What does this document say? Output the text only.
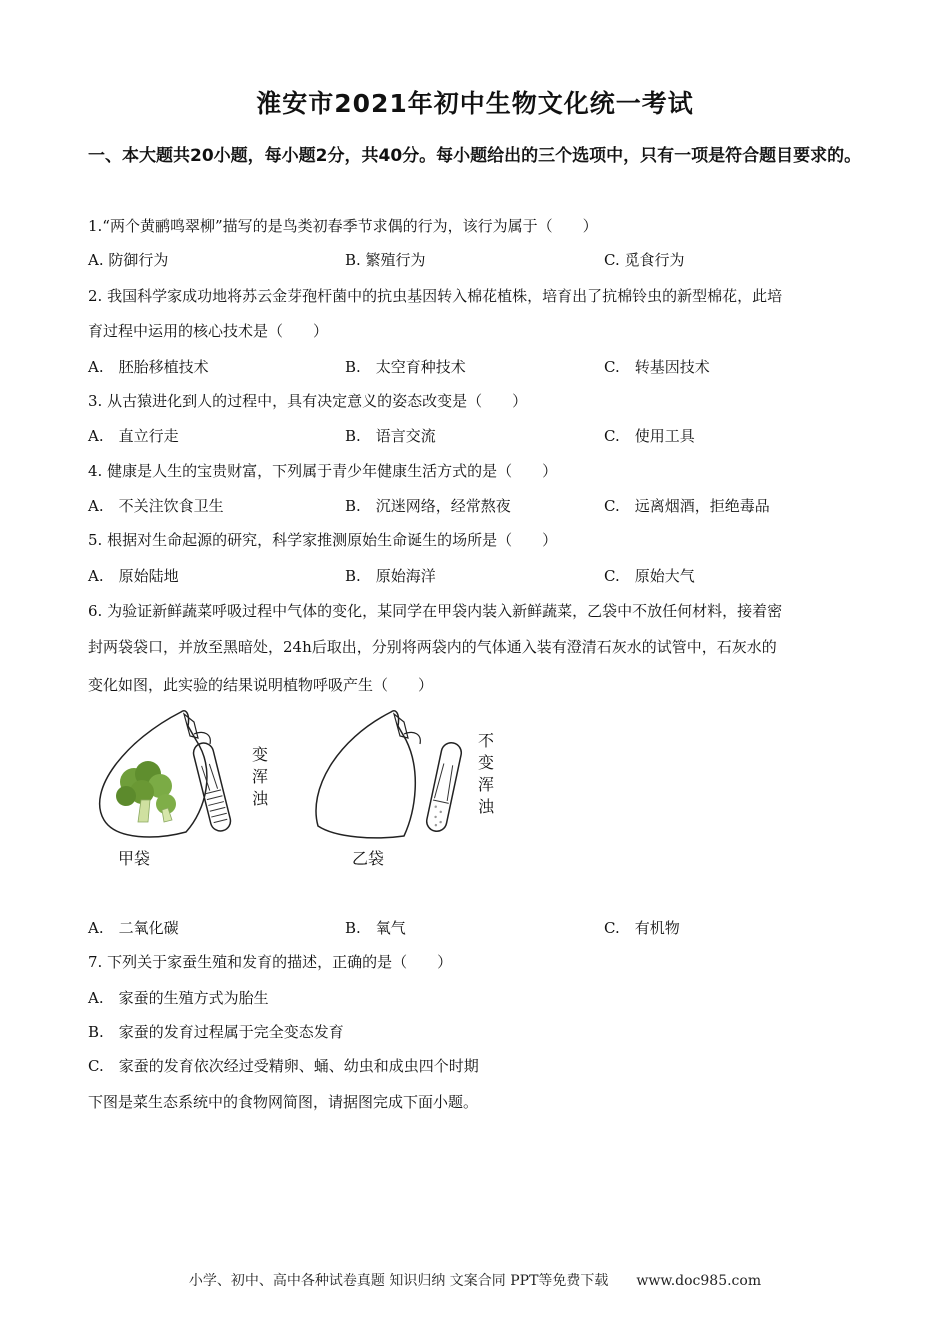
淮安市2021年初中生物文化统一考试
一、本大题共20小题，每小题2分，共40分。每小题给出的三个选项中，只有一项是符合题目要求的。
1.“两个黄鹂鸣翠柳”描写的是鸟类初春季节求偶的行为，该行为属于（　　）
A. 防御行为	B. 繁殖行为	C. 觅食行为
2. 我国科学家成功地将苏云金芽孢杆菌中的抗虫基因转入棉花植株，培育出了抗棉铃虫的新型棉花，此培
育过程中运用的核心技术是（　　）
A.　胚胎移植技术	B.　太空育种技术	C.　转基因技术
3. 从古猿进化到人的过程中，具有决定意义的姿态改变是（　　）
A.　直立行走	B.　语言交流	C.　使用工具
4. 健康是人生的宝贵财富，下列属于青少年健康生活方式的是（　　）
A.　不关注饮食卫生	B.　沉迷网络，经常熬夜	C.　远离烟酒，拒绝毒品
5. 根据对生命起源的研究，科学家推测原始生命诞生的场所是（　　）
A.　原始陆地	B.　原始海洋	C.　原始大气
6. 为验证新鲜蔬菜呼吸过程中气体的变化，某同学在甲袋内装入新鲜蔬菜，乙袋中不放任何材料，接着密
封两袋袋口，并放至黑暗处，24h后取出，分别将两袋内的气体通入装有澄清石灰水的试管中，石灰水的
变化如图，此实验的结果说明植物呼吸产生（　　）
甲袋	乙袋
变
浑
浊
不
变
浑
浊
A.　二氧化碳	B.　氧气	C.　有机物
7. 下列关于家蚕生殖和发育的描述，正确的是（　　）
A.　家蚕的生殖方式为胎生
B.　家蚕的发育过程属于完全变态发育
C.　家蚕的发育依次经过受精卵、蛹、幼虫和成虫四个时期
下图是菜生态系统中的食物网简图，请据图完成下面小题。
小学、初中、高中各种试卷真题 知识归纳 文案合同 PPT等免费下载　　www.doc985.com
